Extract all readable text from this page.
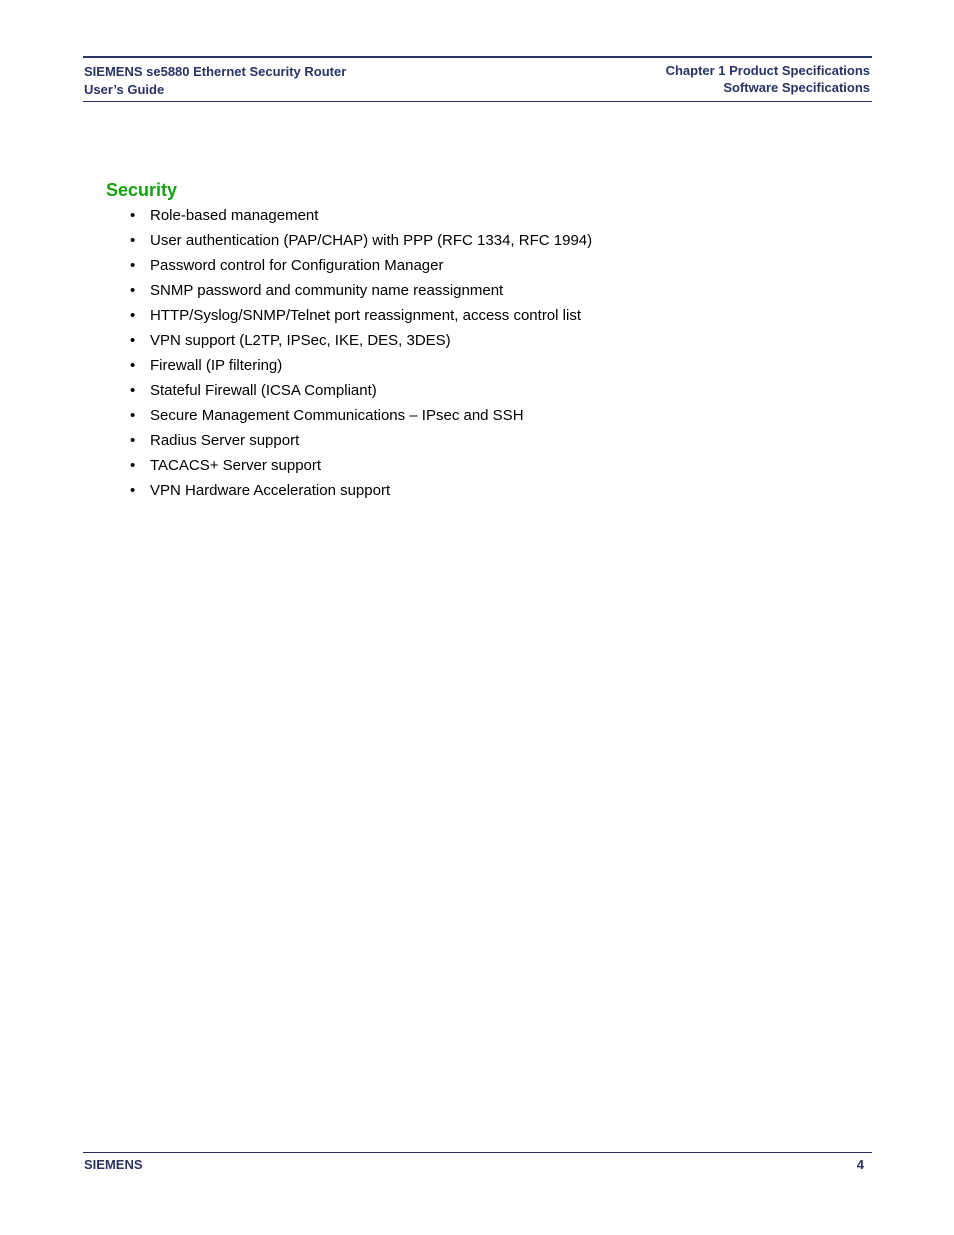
SIEMENS se5880 Ethernet Security Router
User’s Guide
Chapter 1 Product Specifications
Software Specifications
Security
• Role-based management
• User authentication (PAP/CHAP) with PPP (RFC 1334, RFC 1994)
• Password control for Configuration Manager
• SNMP password and community name reassignment
• HTTP/Syslog/SNMP/Telnet port reassignment, access control list
• VPN support (L2TP, IPSec, IKE, DES, 3DES)
• Firewall (IP filtering)
• Stateful Firewall (ICSA Compliant)
• Secure Management Communications – IPsec and SSH
• Radius Server support
• TACACS+ Server support
• VPN Hardware Acceleration support
SIEMENS	4
